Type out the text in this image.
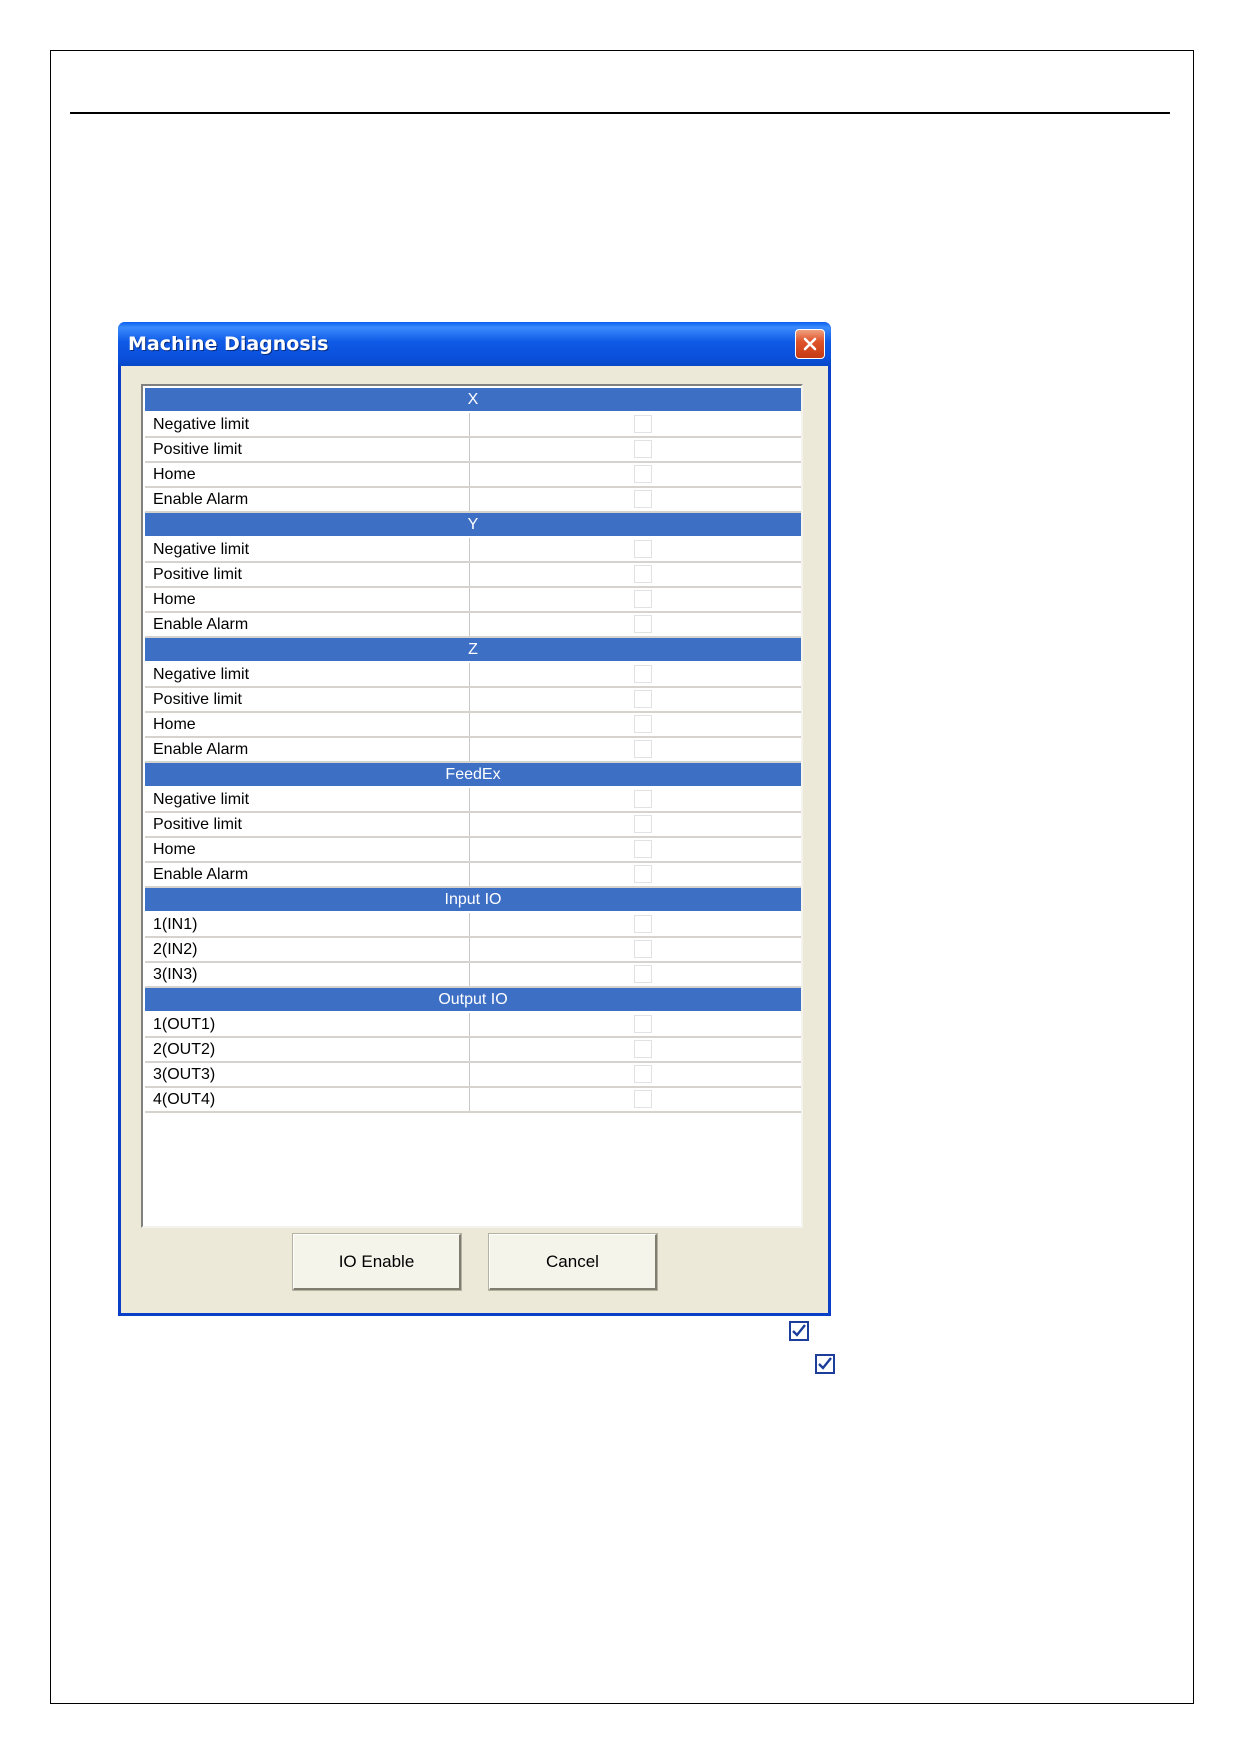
Machine Diagnosis
X
Negative limit
Positive limit
Home
Enable Alarm
Y
Negative limit
Positive limit
Home
Enable Alarm
Z
Negative limit
Positive limit
Home
Enable Alarm
FeedEx
Negative limit
Positive limit
Home
Enable Alarm
Input IO
1(IN1)
2(IN2)
3(IN3)
Output IO
1(OUT1)
2(OUT2)
3(OUT3)
4(OUT4)
IO Enable	Cancel
